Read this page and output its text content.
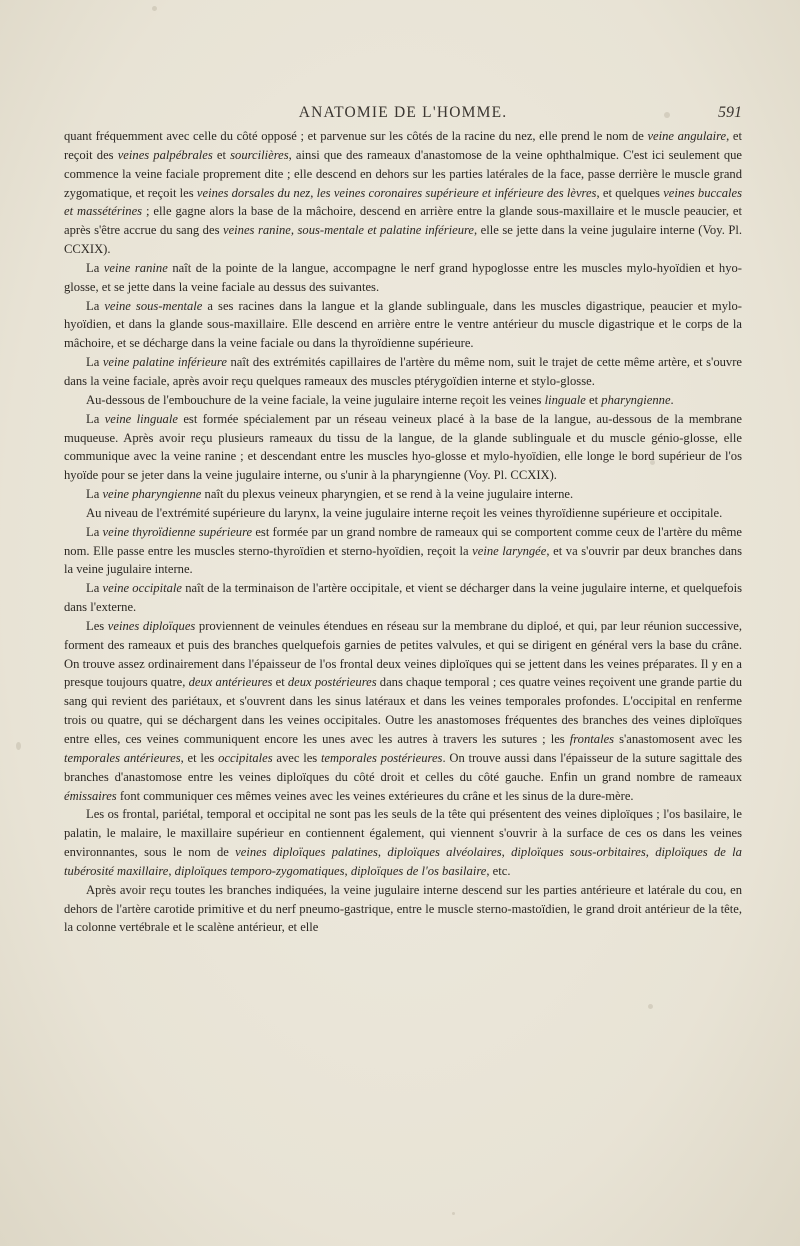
ANATOMIE DE L'HOMME.	591

quant fréquemment avec celle du côté opposé ; et parvenue sur les côtés de la racine du nez, elle prend le nom de veine angulaire, et reçoit des veines palpébrales et sourcilières, ainsi que des rameaux d'anastomose de la veine ophthalmique. C'est ici seulement que commence la veine faciale proprement dite ; elle descend en dehors sur les parties latérales de la face, passe derrière le muscle grand zygomatique, et reçoit les veines dorsales du nez, les veines coronaires supérieure et inférieure des lèvres, et quelques veines buccales et massétérines ; elle gagne alors la base de la mâchoire, descend en arrière entre la glande sous-maxillaire et le muscle peaucier, et après s'être accrue du sang des veines ranine, sous-mentale et palatine inférieure, elle se jette dans la veine jugulaire interne (Voy. Pl. CCXIX).

La veine ranine naît de la pointe de la langue, accompagne le nerf grand hypoglosse entre les muscles mylo-hyoïdien et hyo-glosse, et se jette dans la veine faciale au dessus des suivantes.

La veine sous-mentale a ses racines dans la langue et la glande sublinguale, dans les muscles digastrique, peaucier et mylo-hyoïdien, et dans la glande sous-maxillaire. Elle descend en arrière entre le ventre antérieur du muscle digastrique et le corps de la mâchoire, et se décharge dans la veine faciale ou dans la thyroïdienne supérieure.

La veine palatine inférieure naît des extrémités capillaires de l'artère du même nom, suit le trajet de cette même artère, et s'ouvre dans la veine faciale, après avoir reçu quelques rameaux des muscles ptérygoïdien interne et stylo-glosse.

Au-dessous de l'embouchure de la veine faciale, la veine jugulaire interne reçoit les veines linguale et pharyngienne.

La veine linguale est formée spécialement par un réseau veineux placé à la base de la langue, au-dessous de la membrane muqueuse. Après avoir reçu plusieurs rameaux du tissu de la langue, de la glande sublinguale et du muscle génio-glosse, elle communique avec la veine ranine ; et descendant entre les muscles hyo-glosse et mylo-hyoïdien, elle longe le bord supérieur de l'os hyoïde pour se jeter dans la veine jugulaire interne, ou s'unir à la pharyngienne (Voy. Pl. CCXIX).

La veine pharyngienne naît du plexus veineux pharyngien, et se rend à la veine jugulaire interne.

Au niveau de l'extrémité supérieure du larynx, la veine jugulaire interne reçoit les veines thyroïdienne supérieure et occipitale.

La veine thyroïdienne supérieure est formée par un grand nombre de rameaux qui se comportent comme ceux de l'artère du même nom. Elle passe entre les muscles sterno-thyroïdien et sterno-hyoïdien, reçoit la veine laryngée, et va s'ouvrir par deux branches dans la veine jugulaire interne.

La veine occipitale naît de la terminaison de l'artère occipitale, et vient se décharger dans la veine jugulaire interne, et quelquefois dans l'externe.

Les veines diploïques proviennent de veinules étendues en réseau sur la membrane du diploé, et qui, par leur réunion successive, forment des rameaux et puis des branches quelquefois garnies de petites valvules, et qui se dirigent en général vers la base du crâne. On trouve assez ordinairement dans l'épaisseur de l'os frontal deux veines diploïques qui se jettent dans les veines préparates. Il y en a presque toujours quatre, deux antérieures et deux postérieures dans chaque temporal ; ces quatre veines reçoivent une grande partie du sang qui revient des pariétaux, et s'ouvrent dans les sinus latéraux et dans les veines temporales profondes. L'occipital en renferme trois ou quatre, qui se déchargent dans les veines occipitales. Outre les anastomoses fréquentes des branches des veines diploïques entre elles, ces veines communiquent encore les unes avec les autres à travers les sutures ; les frontales s'anastomosent avec les temporales antérieures, et les occipitales avec les temporales postérieures. On trouve aussi dans l'épaisseur de la suture sagittale des branches d'anastomose entre les veines diploïques du côté droit et celles du côté gauche. Enfin un grand nombre de rameaux émissaires font communiquer ces mêmes veines avec les veines extérieures du crâne et les sinus de la dure-mère.

Les os frontal, pariétal, temporal et occipital ne sont pas les seuls de la tête qui présentent des veines diploïques ; l'os basilaire, le palatin, le malaire, le maxillaire supérieur en contiennent également, qui viennent s'ouvrir à la surface de ces os dans les veines environnantes, sous le nom de veines diploïques palatines, diploïques alvéolaires, diploïques sous-orbitaires, diploïques de la tubérosité maxillaire, diploïques temporo-zygomatiques, diploïques de l'os basilaire, etc.

Après avoir reçu toutes les branches indiquées, la veine jugulaire interne descend sur les parties antérieure et latérale du cou, en dehors de l'artère carotide primitive et du nerf pneumo-gastrique, entre le muscle sterno-mastoïdien, le grand droit antérieur de la tête, la colonne vertébrale et le scalène antérieur, et elle
